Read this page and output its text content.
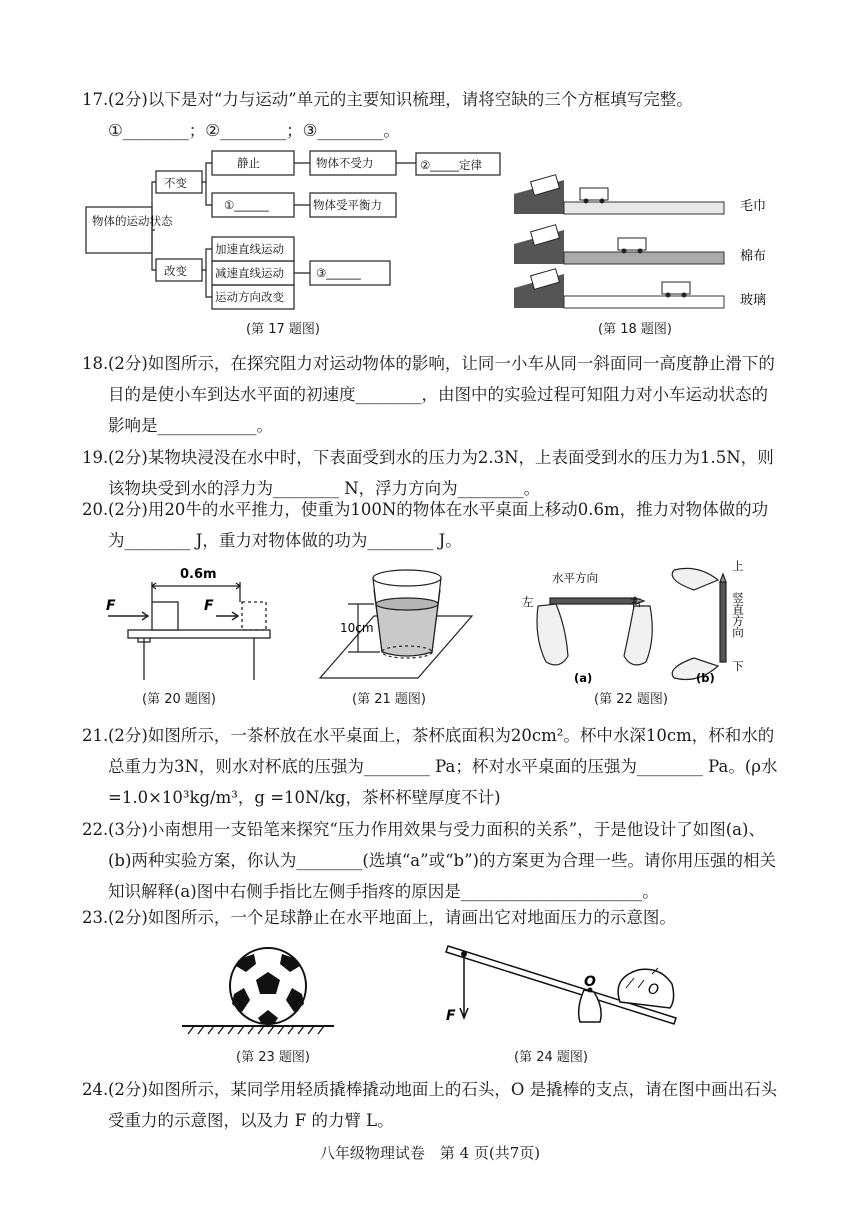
17. (2分)以下是对“力与运动”单元的主要知识梳理，请将空缺的三个方框填写完整。
①________；②________；③________。
物体的运动状态
不变
改变
静止
①______
物体不受力
物体受平衡力
②_____定律
加速直线运动
减速直线运动
运动方向改变
③______
(第 17 题图)
毛巾
棉布
玻璃
(第 18 题图)
18. (2分)如图所示，在探究阻力对运动物体的影响，让同一小车从同一斜面同一高度静止滑下的目的是使小车到达水平面的初速度________，由图中的实验过程可知阻力对小车运动状态的影响是____________。
19. (2分)某物块浸没在水中时，下表面受到水的压力为2.3N，上表面受到水的压力为1.5N，则该物块受到水的浮力为________ N，浮力方向为________。
20. (2分)用20牛的水平推力，使重为100N的物体在水平桌面上移动0.6m，推力对物体做的功为________ J，重力对物体做的功为________ J。
0.6m
F	F
(第 20 题图)
10cm
(第 21 题图)
水平方向
左	右
上
下
(a)	(b)
竖直方向
(第 22 题图)
21. (2分)如图所示，一茶杯放在水平桌面上，茶杯底面积为20cm²。杯中水深10cm，杯和水的总重力为3N，则水对杯底的压强为________ Pa；杯对水平桌面的压强为________ Pa。(ρ水 =1.0×10³kg/m³，g =10N/kg，茶杯杯壁厚度不计)
22. (3分)小南想用一支铅笔来探究“压力作用效果与受力面积的关系”，于是他设计了如图(a)、(b)两种实验方案，你认为________(选填“a”或“b”)的方案更为合理一些。请你用压强的相关知识解释(a)图中右侧手指比左侧手指疼的原因是______________________。
23. (2分)如图所示，一个足球静止在水平地面上，请画出它对地面压力的示意图。
(第 23 题图)
O	O
F
(第 24 题图)
24. (2分)如图所示，某同学用轻质撬棒撬动地面上的石头，O 是撬棒的支点，请在图中画出石头受重力的示意图，以及力 F 的力臂 L。
八年级物理试卷　第 4 页(共7页)
